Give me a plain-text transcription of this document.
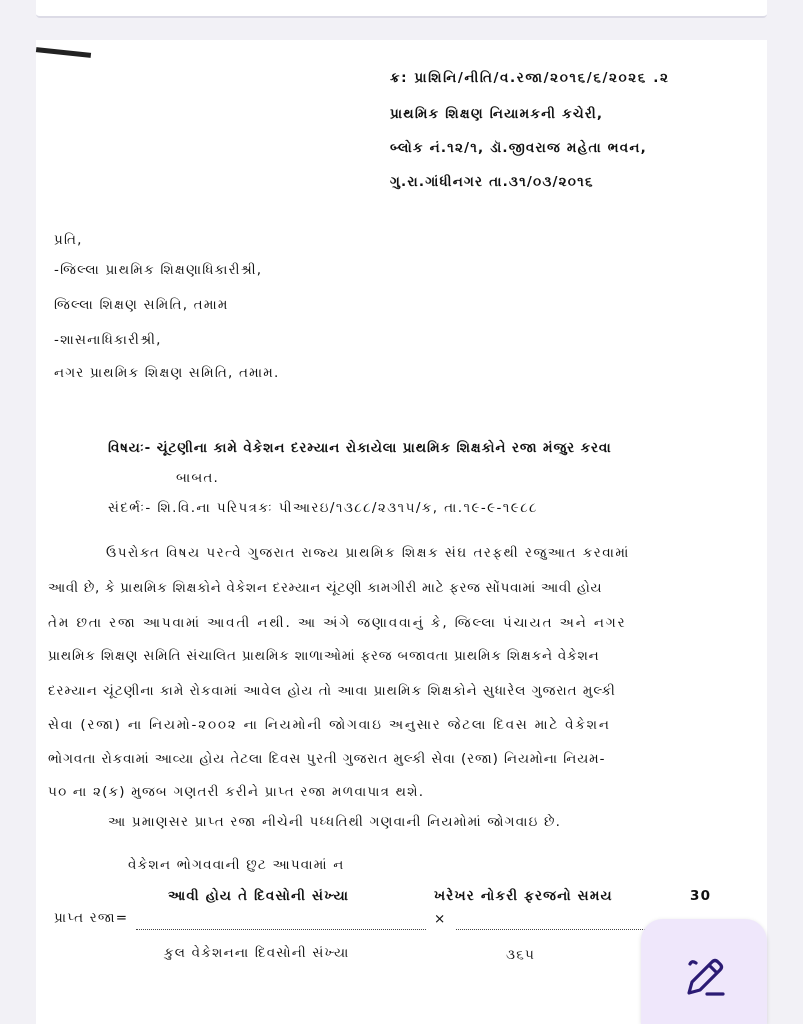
ક્ર: પ્રાશિનિ/નીતિ/વ.રજા/૨૦૧૬/૬/૨૦૨૬ .૨
પ્રાથમિક શિક્ષણ નિયામકની કચેરી,
બ્લોક નં.૧૨/૧, ડૉ.જીવરાજ મહેતા ભવન,
ગુ.રા.ગાંધીનગર તા.૩૧/૦૩/૨૦૧૬
પ્રતિ,
-જિલ્લા પ્રાથમિક શિક્ષણાધિકારીશ્રી,
જિલ્લા શિક્ષણ સમિતિ, તમામ
-શાસનાધિકારીશ્રી,
નગર પ્રાથમિક શિક્ષણ સમિતિ, તમામ.
વિષયઃ- ચૂંટણીના કામે વેકેશન દરમ્યાન રોકાયેલા પ્રાથમિક શિક્ષકોને રજા મંજુર કરવા
બાબત.
સંદર્ભઃ- શિ.વિ.ના પરિપત્રકઃ પીઆરઇ/૧૩૮૮/૨૩૧૫/ક, તા.૧૯-૯-૧૯૮૮
ઉપરોક્ત વિષય પરત્વે ગુજરાત રાજ્ય પ્રાથમિક શિક્ષક સંઘ તરફથી રજુઆત કરવામાં
આવી છે, કે પ્રાથમિક શિક્ષકોને વેકેશન દરમ્યાન ચૂંટણી કામગીરી માટે ફરજ સોંપવામાં આવી હોય
તેમ છતા રજા આપવામાં આવતી નથી. આ અંગે જણાવવાનું કે, જિલ્લા પંચાયત અને નગર
પ્રાથમિક શિક્ષણ સમિતિ સંચાલિત પ્રાથમિક શાળાઓમાં ફરજ બજાવતા પ્રાથમિક શિક્ષકને વેકેશન
દરમ્યાન ચૂંટણીના કામે રોકવામાં આવેલ હોય તો આવા પ્રાથમિક શિક્ષકોને સુધારેલ ગુજરાત મુલ્કી
સેવા (રજા) ના નિયમો-૨૦૦૨ ના નિયમોની જોગવાઇ અનુસાર જેટલા દિવસ માટે વેકેશન
ભોગવતા રોકવામાં આવ્યા હોય તેટલા દિવસ પુરતી ગુજરાત મુલ્કી સેવા (રજા) નિયમોના નિયમ-
૫૦ ના ૨(ક) મુજબ ગણતરી કરીને પ્રાપ્ત રજા મળવાપાત્ર થશે.
આ પ્રમાણસર પ્રાપ્ત રજા નીચેની પધ્ધતિથી ગણવાની નિયમોમાં જોગવાઇ છે.
વેકેશન ભોગવવાની છુટ આપવામાં ન
આવી હોય તે દિવસોની સંખ્યા	ખરેખર નોકરી ફરજનો સમય	30
પ્રાપ્ત રજા=	×
કુલ વેકેશનના દિવસોની સંખ્યા	૩૬૫
